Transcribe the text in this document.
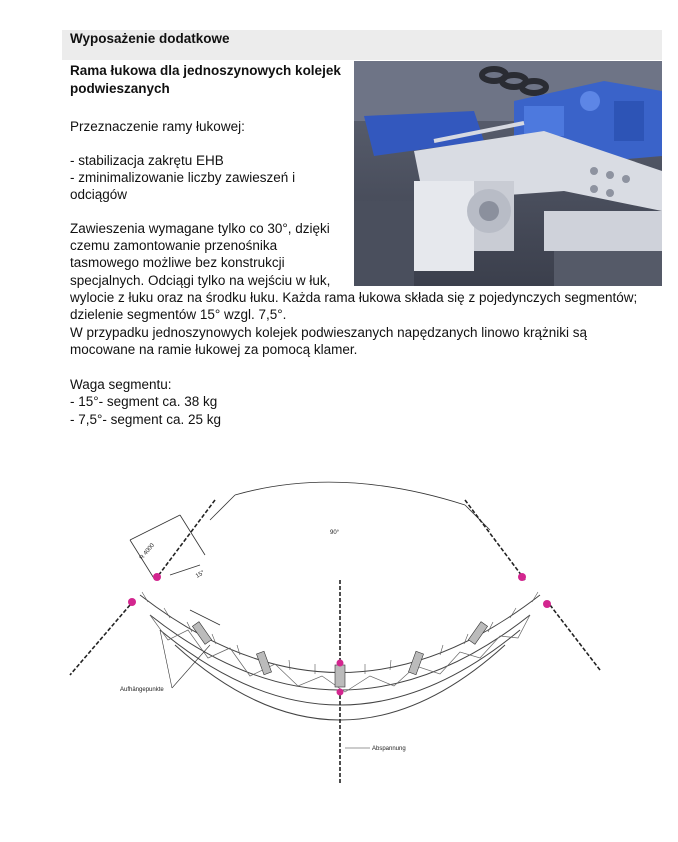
Wyposażenie dodatkowe
Rama łukowa dla jednoszynowych kolejek podwieszanych
Przeznaczenie ramy łukowej:
- stabilizacja zakrętu EHB
- zminimalizowanie liczby zawieszeń i
odciągów
Zawieszenia wymagane tylko co 30°, dzięki
czemu zamontowanie przenośnika
tasmowego możliwe bez konstrukcji
specjalnych. Odciągi tylko na wejściu w łuk,
wylocie z łuku oraz na środku łuku. Każda rama łukowa składa się z pojedynczych segmentów;
dzielenie segmentów 15° wzgl. 7,5°.
W przypadku jednoszynowych kolejek podwieszanych napędzanych linowo krążniki są
mocowane na ramie łukowej za pomocą klamer.
Waga segmentu:
- 15°- segment ca. 38 kg
- 7,5°- segment ca. 25 kg
90°
R 4000
15°
Aufhängepunkte
Abspannung
